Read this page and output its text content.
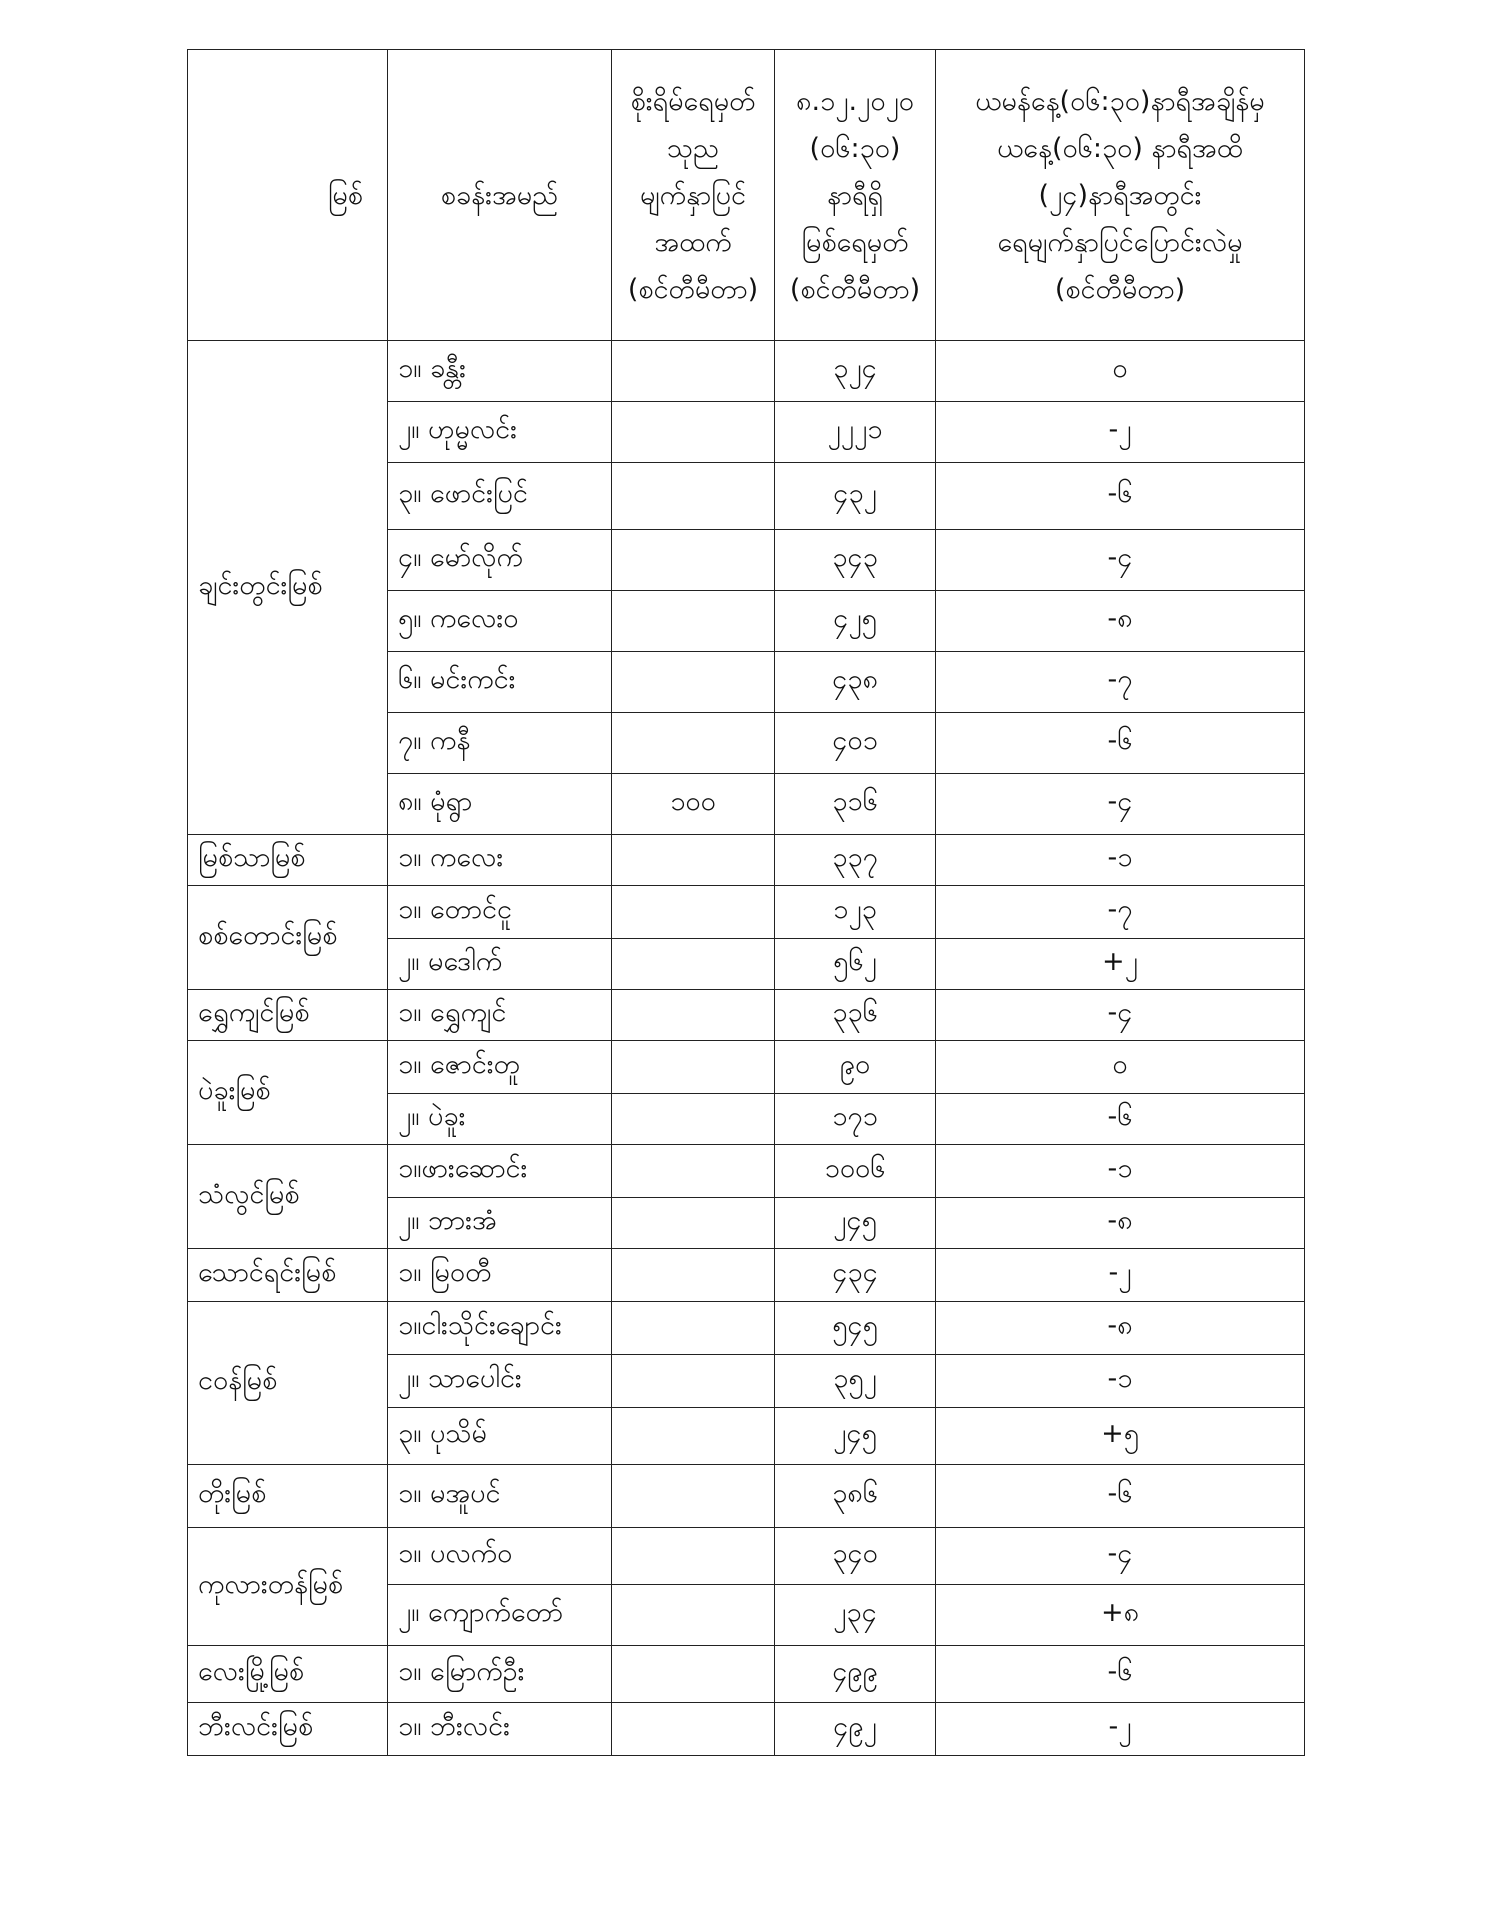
မြစ်	စခန်းအမည်	စိုးရိမ်ရေမှတ်
သုည
မျက်နှာပြင်
အထက်
(စင်တီမီတာ)	၈.၁၂.၂၀၂၀
(၀၆:၃၀)
နာရီရှိ
မြစ်ရေမှတ်
(စင်တီမီတာ)	ယမန်နေ့(၀၆:၃၀)နာရီအချိန်မှ
ယနေ့(၀၆:၃၀) နာရီအထိ
(၂၄)နာရီအတွင်း
ရေမျက်နှာပြင်ပြောင်းလဲမှု
(စင်တီမီတာ)
ချင်းတွင်းမြစ်	၁။ ခန္တီး		၃၂၄	၀
	၂။ ဟုမ္မလင်း		၂၂၂၁	-၂
	၃။ ဖောင်းပြင်		၄၃၂	-၆
	၄။ မော်လိုက်		၃၄၃	-၄
	၅။ ကလေးဝ		၄၂၅	-၈
	၆။ မင်းကင်း		၄၃၈	-၇
	၇။ ကနီ		၄၀၁	-၆
	၈။ မုံရွာ	၁၀၀	၃၁၆	-၄
မြစ်သာမြစ်	၁။ ကလေး		၃၃၇	-၁
စစ်တောင်းမြစ်	၁။ တောင်ငူ		၁၂၃	-၇
	၂။ မဒေါက်		၅၆၂	+၂
ရွှေကျင်မြစ်	၁။ ရွှေကျင်		၃၃၆	-၄
ပဲခူးမြစ်	၁။ ဇောင်းတူ		၉၀	၀
	၂။ ပဲခူး		၁၇၁	-၆
သံလွင်မြစ်	၁။ဖားဆောင်း		၁၀၀၆	-၁
	၂။ ဘားအံ		၂၄၅	-၈
သောင်ရင်းမြစ်	၁။ မြဝတီ		၄၃၄	-၂
ငဝန်မြစ်	၁။ငါးသိုင်းချောင်း		၅၄၅	-၈
	၂။ သာပေါင်း		၃၅၂	-၁
	၃။ ပုသိမ်		၂၄၅	+၅
တိုးမြစ်	၁။ မအူပင်		၃၈၆	-၆
ကုလားတန်မြစ်	၁။ ပလက်ဝ		၃၄၀	-၄
	၂။ ကျောက်တော်		၂၃၄	+၈
လေးမြို့မြစ်	၁။ မြောက်ဦး		၄၉၉	-၆
ဘီးလင်းမြစ်	၁။ ဘီးလင်း		၄၉၂	-၂
